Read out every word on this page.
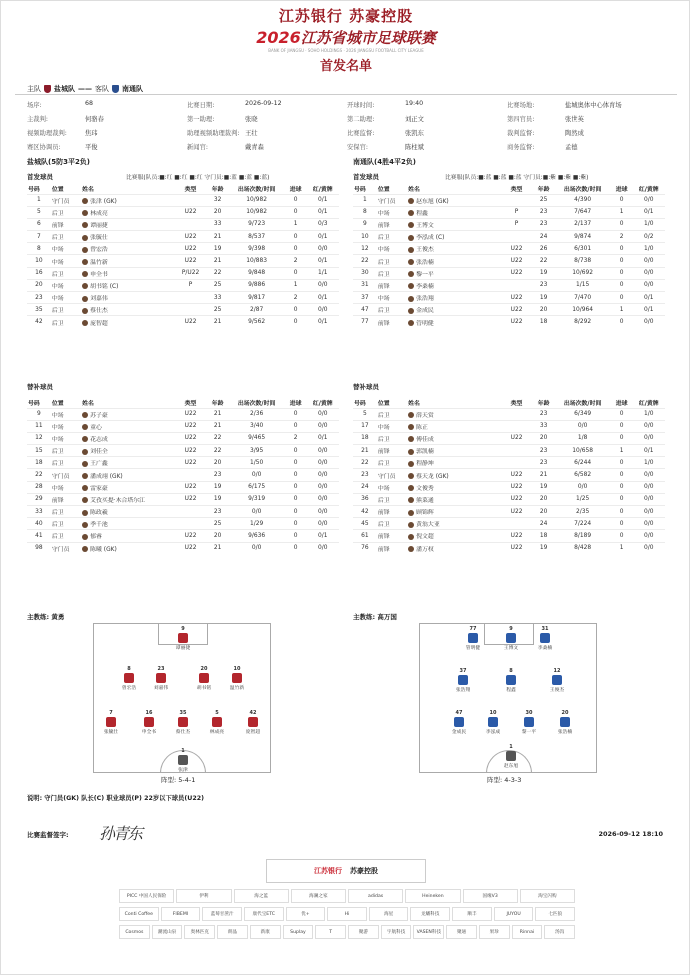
江苏银行 苏豪控股
2026江苏省城市足球联赛
BANK OF JIANGSU · SOHO HOLDINGS · 2026 JIANGSU FOOTBALL CITY LEAGUE
首发名单
主队 盐城队 —— 客队 南通队
场序:	68	比赛日期:	2026-09-12	开球时间:	19:40	比赛场地:	盐城奥体中心体育场
主裁判:	何骆春	第一助理:	张晓	第二助理:	刘正文	第四官员:	张世英
视频助理裁判:	焦玮	助理视频助理裁判: 王壮	比赛监督:	张凯东	裁判监督:	陶然成
赛区协调员:	平俊	新闻官:	戴青森	安保官:	陈柱斌	商务监督:	孟德
盐城队(5防3平2负)	南通队(4胜4平2负)
首发球员	比赛服(队员:■:红 ■:红 ■:红 守门员:■:蓝 ■:蓝 ■:蓝)	首发球员	比赛服(队员:■:蓝 ■:蓝 ■:蓝 守门员:■:紫 ■:紫 ■:紫)
号码	位置	姓名	类型	年龄	出场次数/时间	进球	红/黄牌
1	守门员	张津 (GK)		32	10/982	0	0/1
5	后卫	林成亮	U22	20	10/982	0	0/1
6	前锋	谭丽捷		33	9/723	1	0/3
7	后卫	张毓仕	U22	21	8/537	0	0/1
8	中场	曾宏浩	U22	19	9/398	0	0/0
10	中场	温竹新	U22	21	10/883	2	0/1
16	后卫	申全书	P/U22	22	9/848	0	1/1
20	中场	胡书铭 (C)	P	25	9/886	1	0/0
23	中场	刘嘉伟		33	9/817	2	0/1
35	后卫	蔡仕杰		25	2/87	0	0/0
42	后卫	庞智超	U22	21	9/562	0	0/1
号码	位置	姓名	类型	年龄	出场次数/时间	进球	红/黄牌
1	守门员	赵东旭 (GK)		25	4/390	0	0/0
8	中场	程鑫	P	23	7/647	1	0/1
9	前锋	王博文	P	23	2/137	0	1/0
10	后卫	李泓成 (C)		24	9/874	2	0/2
12	中场	王俊杰	U22	26	6/301	0	1/0
22	后卫	张浩楠	U22	22	8/738	0	0/0
30	后卫	黎一平	U22	19	10/692	0	0/0
31	前锋	李桑楠		23	1/15	0	0/0
37	中场	张浩翔	U22	19	7/470	0	0/1
47	后卫	金成民	U22	20	10/964	1	0/1
77	前锋	管明健	U22	18	8/292	0	0/0
替补球员	替补球员
号码	位置	姓名	类型	年龄	出场次数/时间	进球	红/黄牌
9	中场	苏子豪	U22	21	2/36	0	0/0
11	中场	童心	U22	21	3/40	0	0/0
12	中场	花志成	U22	22	9/465	2	0/1
15	后卫	刘佳全	U22	22	3/95	0	0/0
18	后卫	王广鑫	U22	20	1/50	0	0/0
22	守门员	潘成翊 (GK)		23	0/0	0	0/0
28	中场	雷家豪	U22	19	6/175	0	0/0
29	前锋	艾孜买提·木合塔尔江	U22	19	9/319	0	0/0
33	后卫	陈政羲		23	0/0	0	0/0
40	后卫	季千池		25	1/29	0	0/0
41	后卫	郁睿	U22	20	9/636	0	0/1
98	守门员	陈曦 (GK)	U22	21	0/0	0	0/0
号码	位置	姓名	类型	年龄	出场次数/时间	进球	红/黄牌
5	后卫	薛天赏		23	6/349	0	1/0
17	中场	陈正		33	0/0	0	0/0
18	后卫	傅佳成	U22	20	1/8	0	0/0
21	前锋	郭凯楠		23	10/658	1	0/1
22	后卫	程静坤		23	6/244	0	1/0
23	守门员	蔡天龙 (GK)	U22	21	6/582	0	0/0
24	中场	文俊秀	U22	19	0/0	0	0/0
36	后卫	熊菜通	U22	20	1/25	0	0/0
42	前锋	顾锦辉	U22	20	2/35	0	0/0
45	后卫	黄翁大亚		24	7/224	0	0/0
61	前锋	倪文超	U22	18	8/189	0	0/0
76	前锋	潘万权	U22	19	8/428	1	0/0
主教练: 黄勇	主教练: 高万国
9
谭丽捷
8
曾宏浩
23
刘嘉伟
20
胡书铭
10
温竹新
7
张毓仕
16
申全书
35
蔡仕杰
5
林成亮
42
庞智超
1
张津
77
管明健
9
王博文
31
李桑楠
37
张浩翔
8
程鑫
12
王俊杰
47
金成民
10
李泓成
30
黎一平
20
张浩楠
1
赵东旭
阵型: 5-4-1	阵型: 4-3-3
说明: 守门员(GK) 队长(C) 职业球员(P) 22岁以下球员(U22)
比赛监督签字: 孙青东	2026-09-12 18:10
江苏银行 苏豪控股
PICC 中国人民保险	伊利	海之蓝	海澜之家	adidas	Heineken	国缘V3	淘宝闪购
Conti Coffee	FIBEMI	蓝莓甘蔗汁	康代宝ETC	优+	Hi	海星	龙蟠科技	顺丰	JUYOU	七匹狼
Cosmos	潮流山泉	奥林匹克	朗晶	新康	Suplay	T	聚游	宇航科技	VASEN科技	聚通	果珍	Rinnai	汤沟
